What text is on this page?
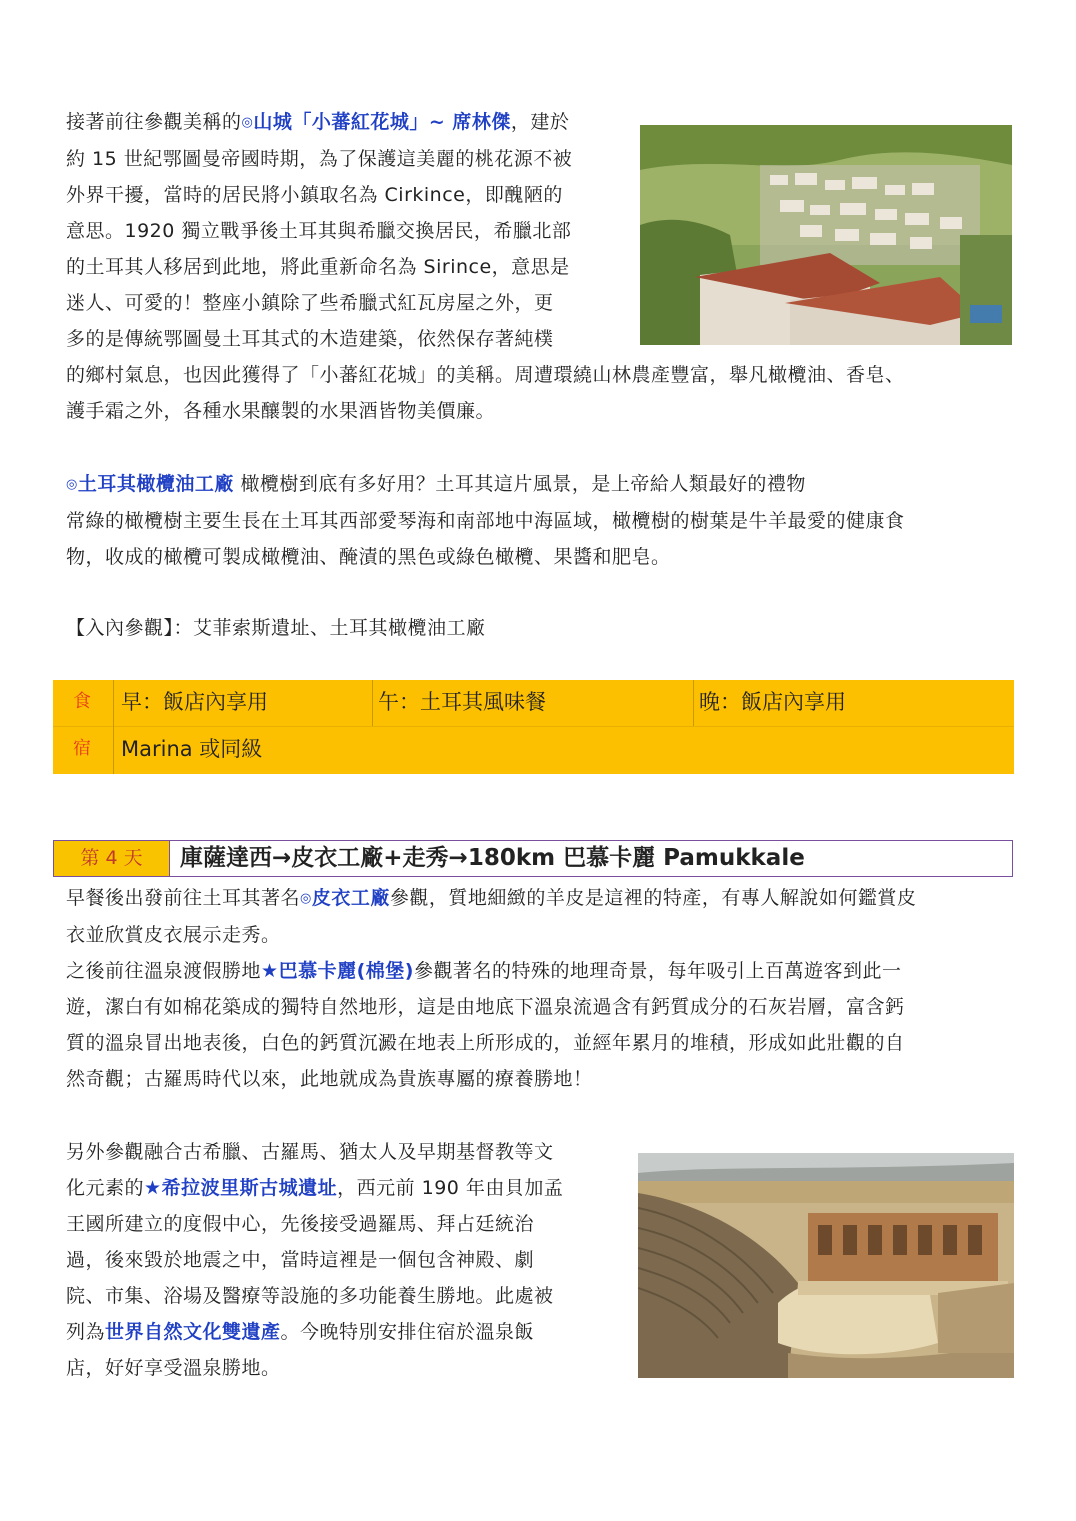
接著前往參觀美稱的◎山城「小蕃紅花城」~ 席林傑，建於
約 15 世紀鄂圖曼帝國時期，為了保護這美麗的桃花源不被
外界干擾，當時的居民將小鎮取名為 Cirkince，即醜陋的
意思。1920 獨立戰爭後土耳其與希臘交換居民，希臘北部
的土耳其人移居到此地，將此重新命名為 Sirince，意思是
迷人、可愛的！整座小鎮除了些希臘式紅瓦房屋之外，更
多的是傳統鄂圖曼土耳其式的木造建築，依然保存著純樸
的鄉村氣息，也因此獲得了「小蕃紅花城」的美稱。周遭環繞山林農產豐富，舉凡橄欖油、香皂、
護手霜之外，各種水果釀製的水果酒皆物美價廉。
◎土耳其橄欖油工廠 橄欖樹到底有多好用？土耳其這片風景，是上帝給人類最好的禮物
常綠的橄欖樹主要生長在土耳其西部愛琴海和南部地中海區域，橄欖樹的樹葉是牛羊最愛的健康食
物，收成的橄欖可製成橄欖油、醃漬的黑色或綠色橄欖、果醬和肥皂。
【入內參觀】：艾菲索斯遺址、土耳其橄欖油工廠
食	早：飯店內享用	午：土耳其風味餐	晚：飯店內享用
宿	Marina 或同級
第 4 天	庫薩達西→皮衣工廠+走秀→180km 巴慕卡麗 Pamukkale
早餐後出發前往土耳其著名◎皮衣工廠參觀，質地細緻的羊皮是這裡的特產，有專人解說如何鑑賞皮
衣並欣賞皮衣展示走秀。
之後前往溫泉渡假勝地★巴慕卡麗(棉堡)參觀著名的特殊的地理奇景，每年吸引上百萬遊客到此一
遊，潔白有如棉花築成的獨特自然地形，這是由地底下溫泉流過含有鈣質成分的石灰岩層，富含鈣
質的溫泉冒出地表後，白色的鈣質沉澱在地表上所形成的，並經年累月的堆積，形成如此壯觀的自
然奇觀；古羅馬時代以來，此地就成為貴族專屬的療養勝地！
另外參觀融合古希臘、古羅馬、猶太人及早期基督教等文
化元素的★希拉波里斯古城遺址，西元前 190 年由貝加孟
王國所建立的度假中心，先後接受過羅馬、拜占廷統治
過，後來毀於地震之中，當時這裡是一個包含神殿、劇
院、市集、浴場及醫療等設施的多功能養生勝地。此處被
列為世界自然文化雙遺產。今晚特別安排住宿於溫泉飯
店，好好享受溫泉勝地。
